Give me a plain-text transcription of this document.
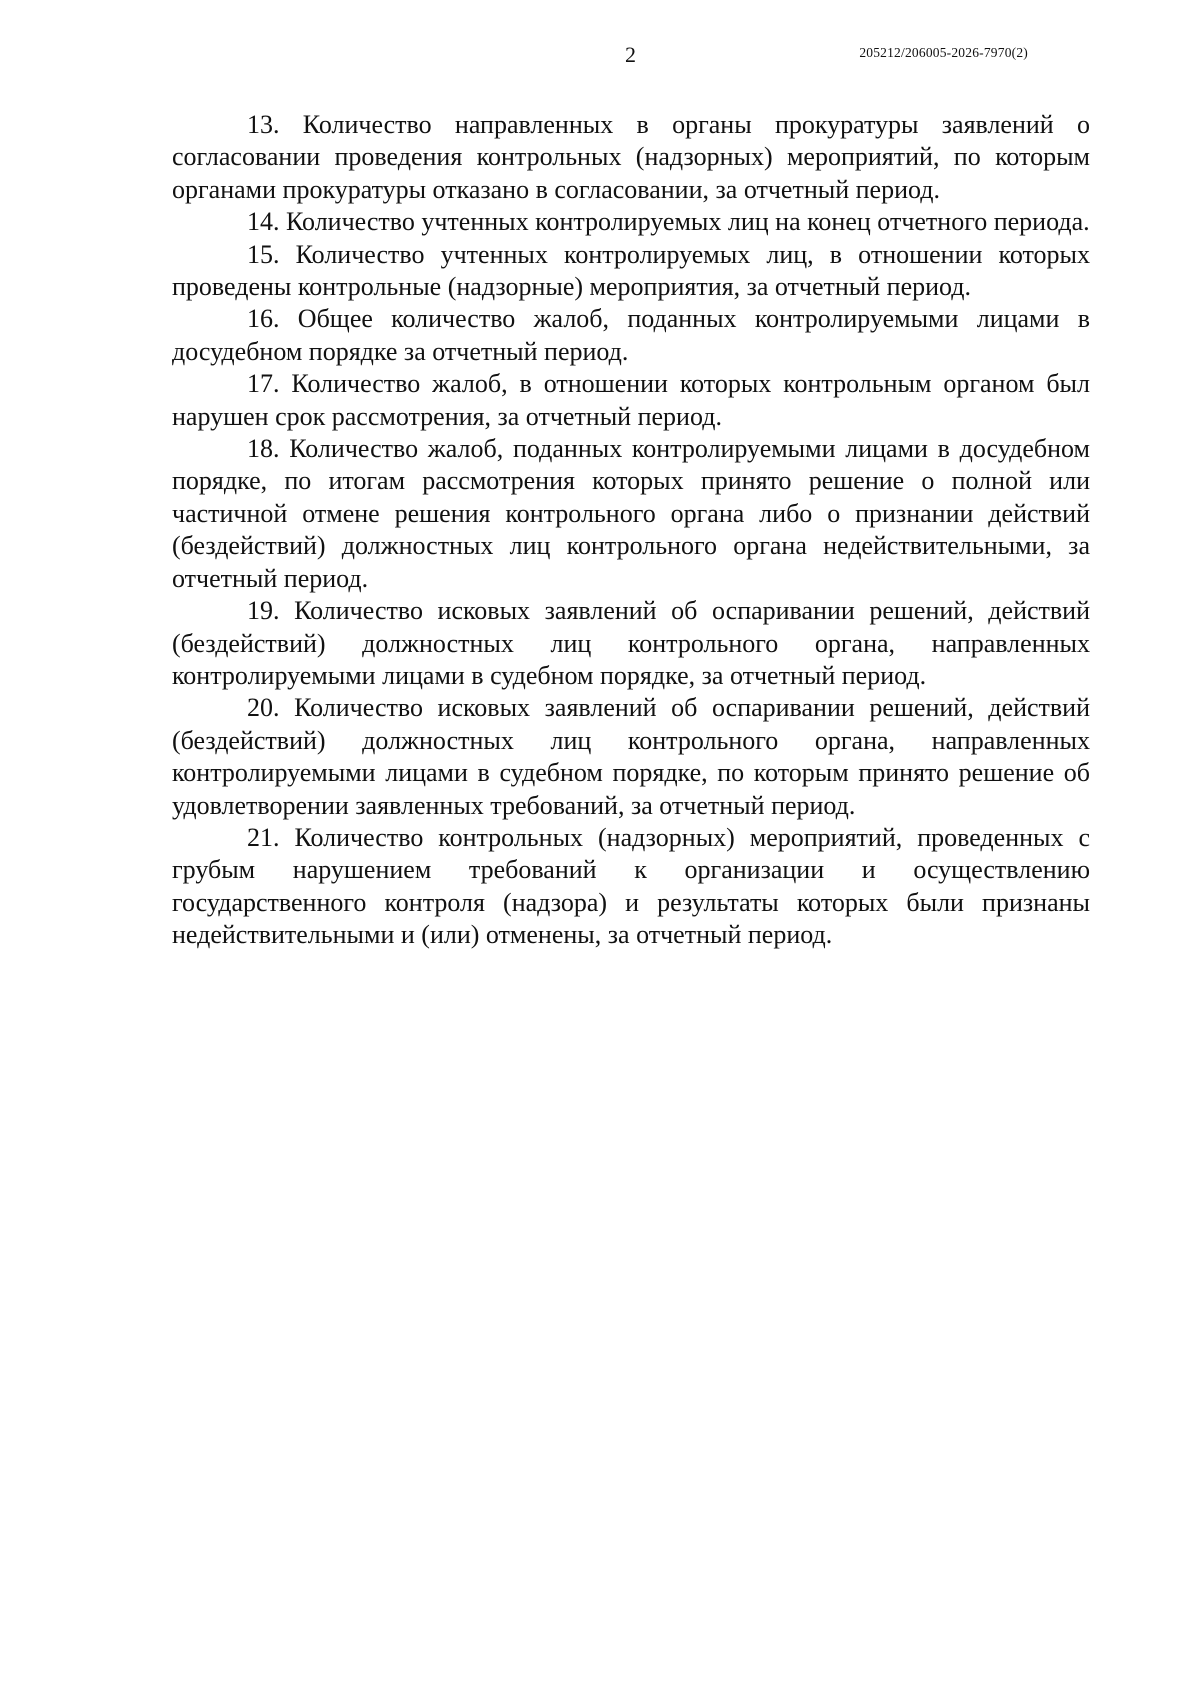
2	205212/206005-2026-7970(2)

13. Количество направленных в органы прокуратуры заявлений о согласовании проведения контрольных (надзорных) мероприятий, по которым органами прокуратуры отказано в согласовании, за отчетный период.

14. Количество учтенных контролируемых лиц на конец отчетного периода.

15. Количество учтенных контролируемых лиц, в отношении которых проведены контрольные (надзорные) мероприятия, за отчетный период.

16. Общее количество жалоб, поданных контролируемыми лицами в досудебном порядке за отчетный период.

17. Количество жалоб, в отношении которых контрольным органом был нарушен срок рассмотрения, за отчетный период.

18. Количество жалоб, поданных контролируемыми лицами в досудебном порядке, по итогам рассмотрения которых принято решение о полной или частичной отмене решения контрольного органа либо о признании действий (бездействий) должностных лиц контрольного органа недействительными, за отчетный период.

19. Количество исковых заявлений об оспаривании решений, действий (бездействий) должностных лиц контрольного органа, направленных контролируемыми лицами в судебном порядке, за отчетный период.

20. Количество исковых заявлений об оспаривании решений, действий (бездействий) должностных лиц контрольного органа, направленных контролируемыми лицами в судебном порядке, по которым принято решение об удовлетворении заявленных требований, за отчетный период.

21. Количество контрольных (надзорных) мероприятий, проведенных с грубым нарушением требований к организации и осуществлению государственного контроля (надзора) и результаты которых были признаны недействительными и (или) отменены, за отчетный период.
